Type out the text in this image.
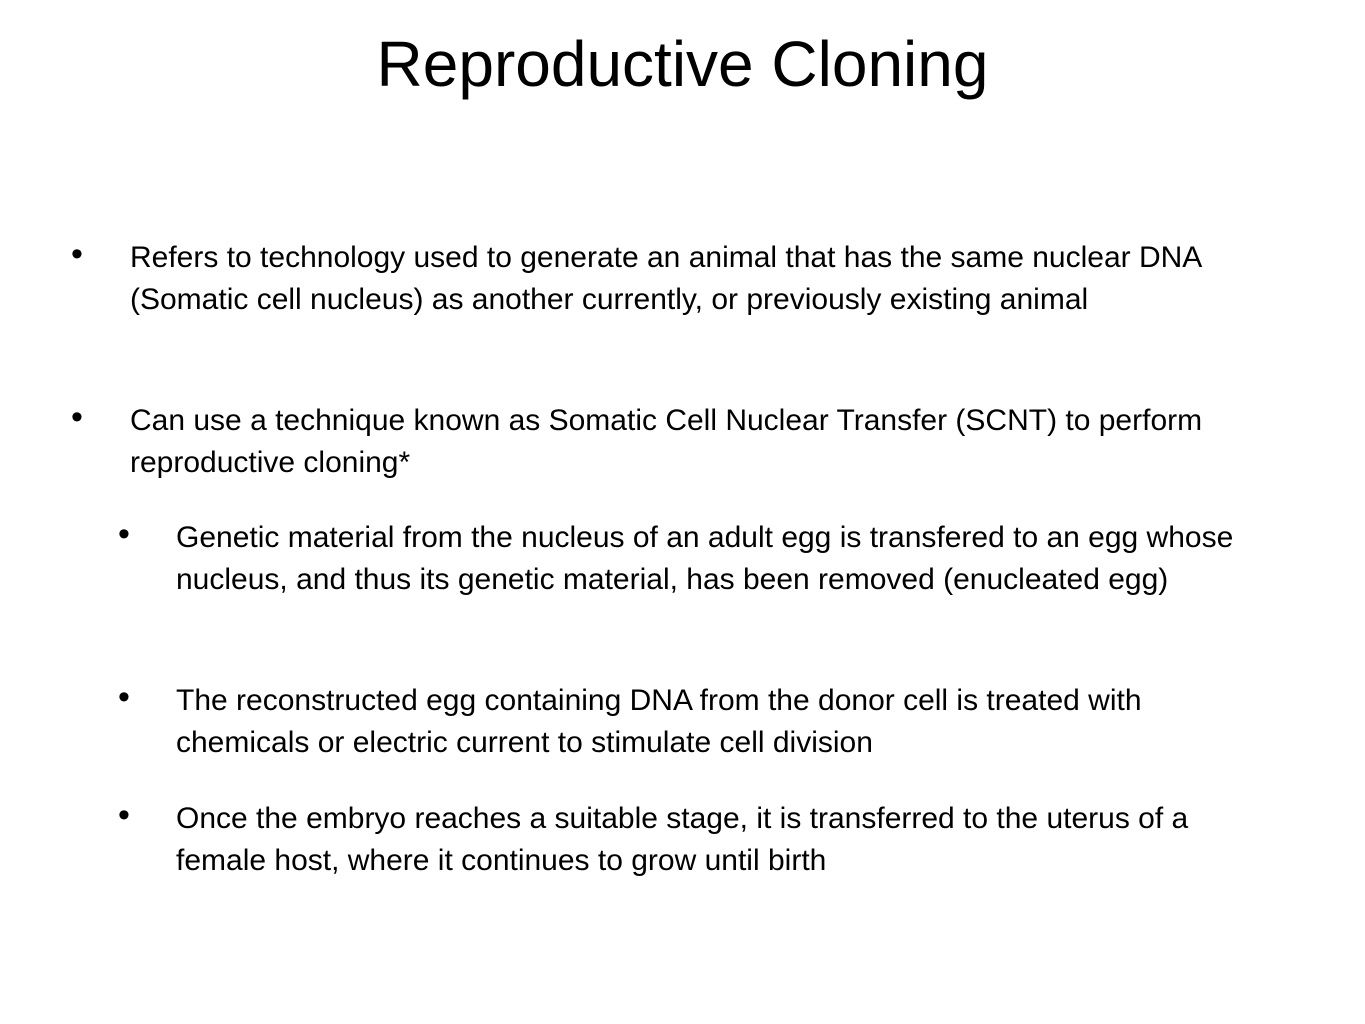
Reproductive Cloning
• Refers to technology used to generate an animal that has the same nuclear DNA (Somatic cell nucleus) as another currently, or previously existing animal
• Can use a technique known as Somatic Cell Nuclear Transfer (SCNT) to perform reproductive cloning*
• Genetic material from the nucleus of an adult egg is transfered to an egg whose nucleus, and thus its genetic material, has been removed (enucleated egg)
• The reconstructed egg containing DNA from the donor cell is treated with chemicals or electric current to stimulate cell division
• Once the embryo reaches a suitable stage, it is transferred to the uterus of a female host, where it continues to grow until birth
